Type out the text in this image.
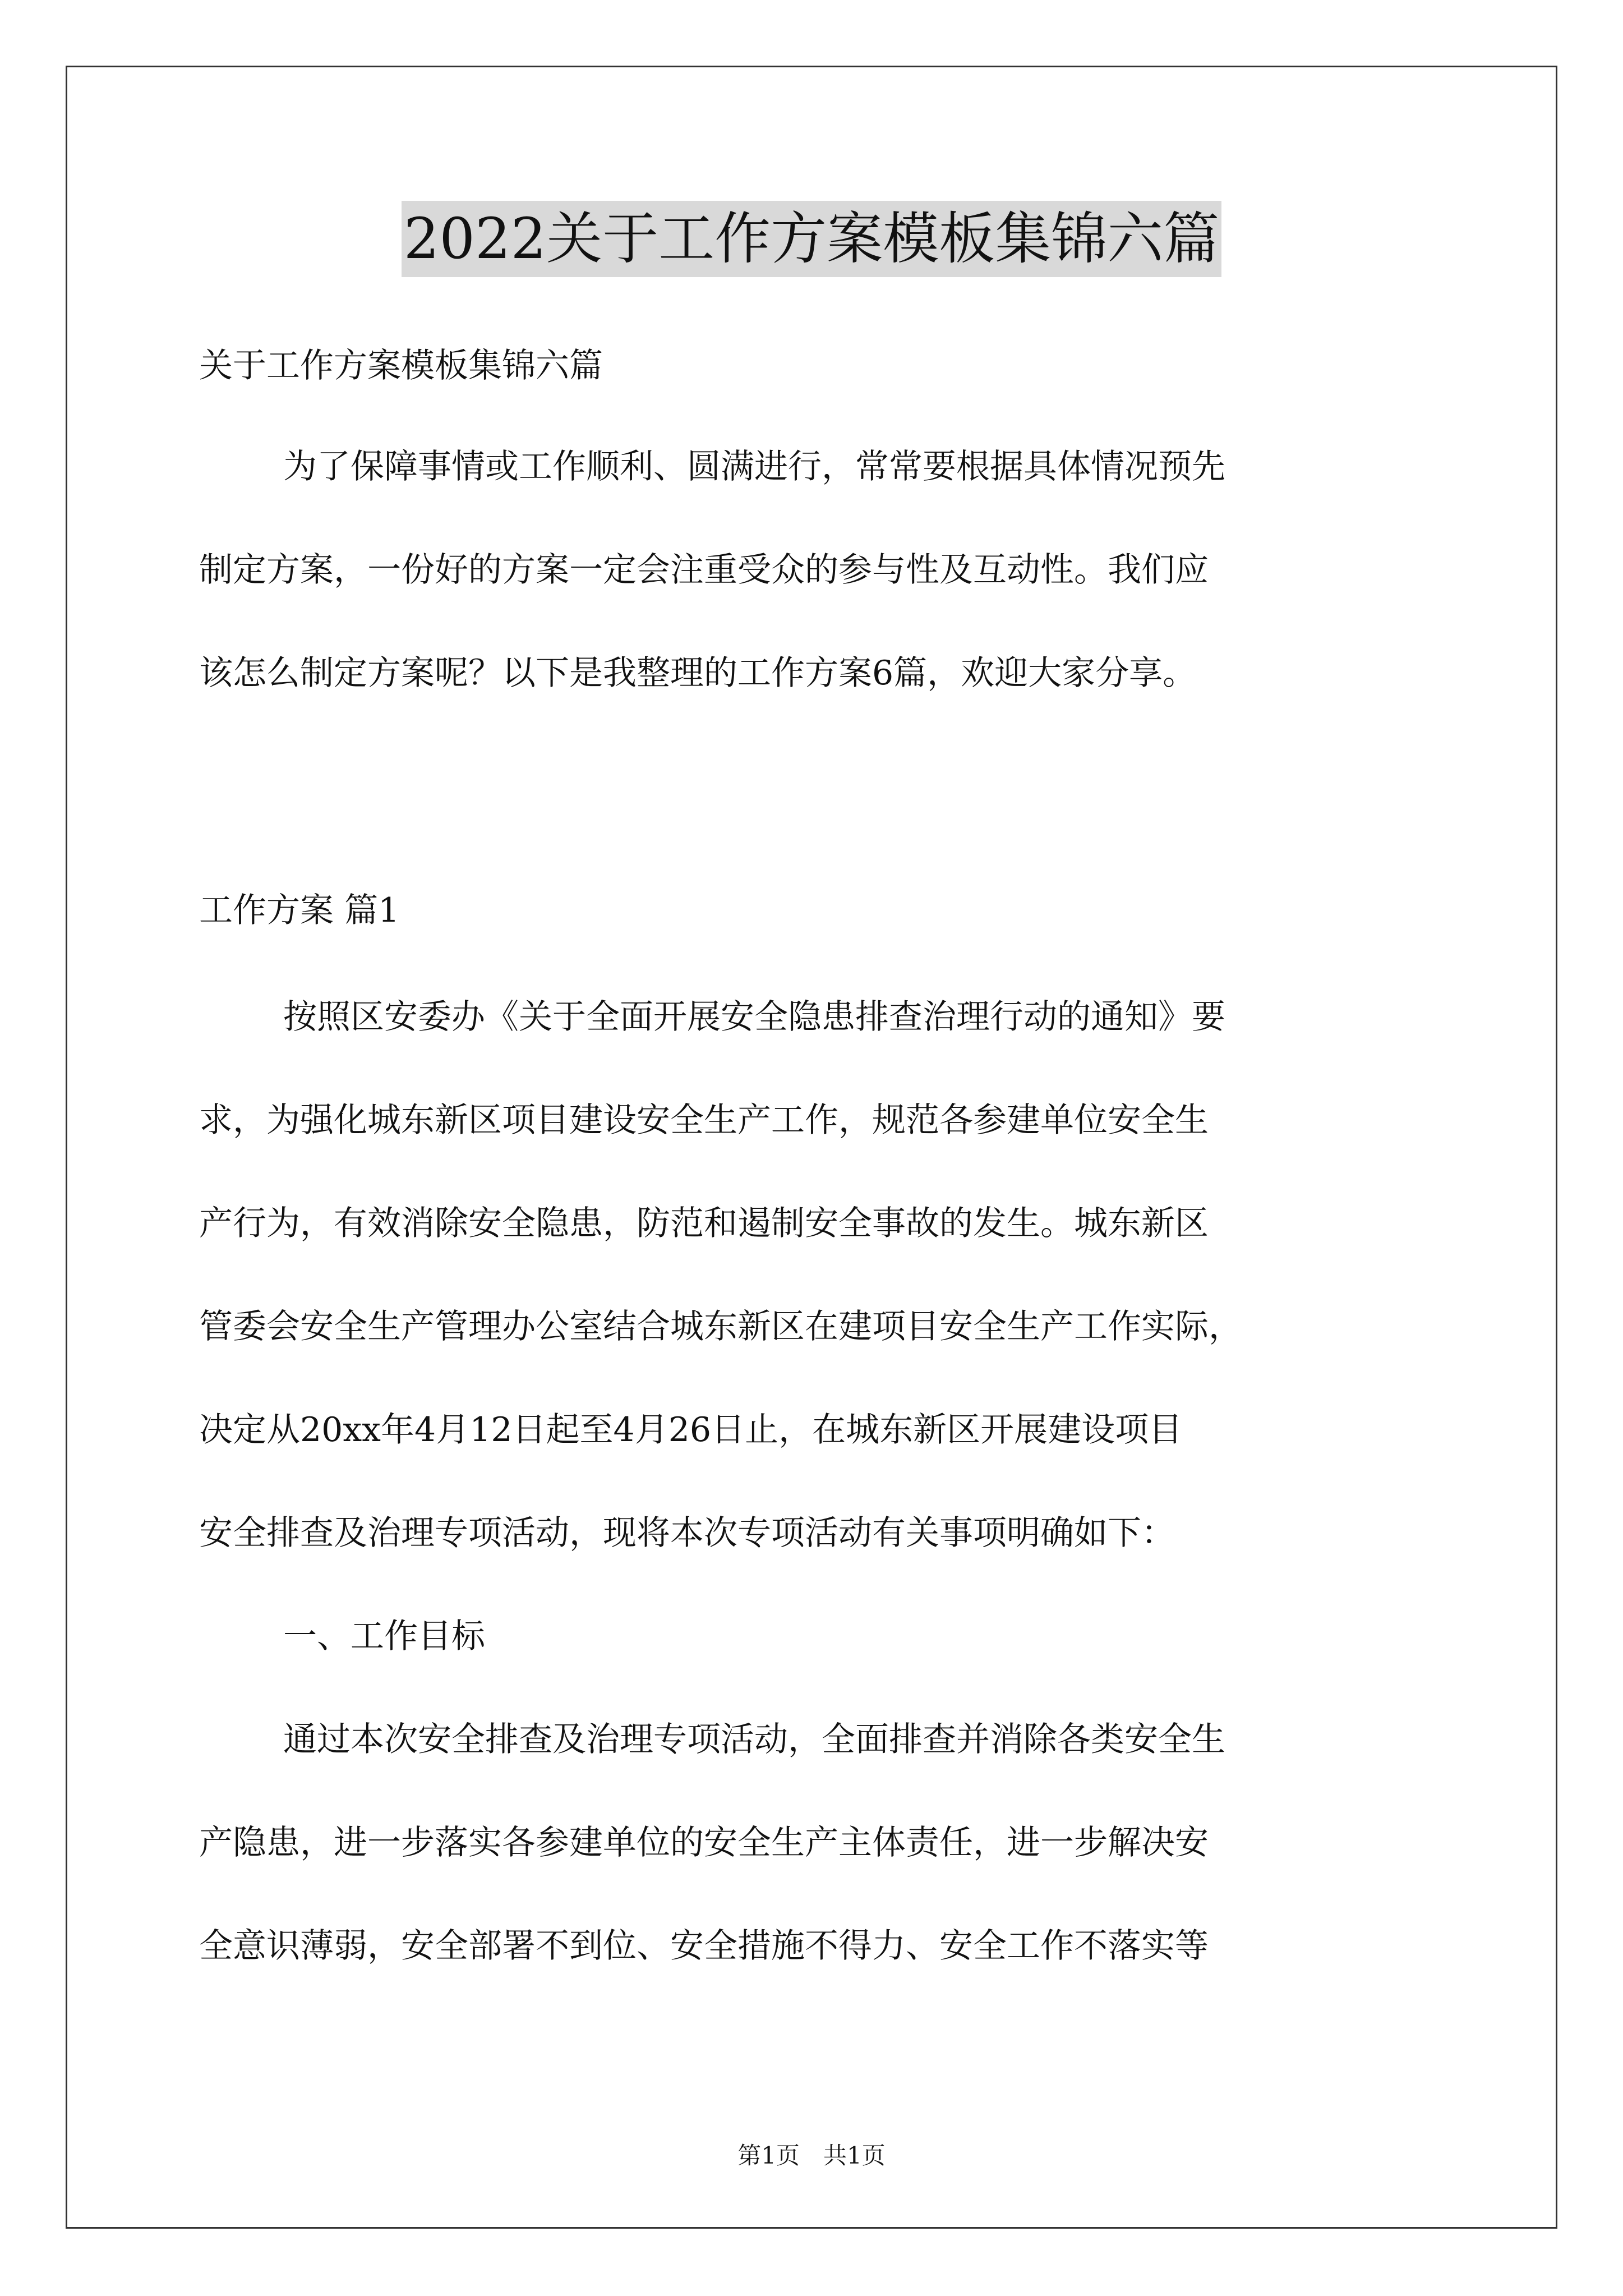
2022关于工作方案模板集锦六篇
关于工作方案模板集锦六篇
为了保障事情或工作顺利、圆满进行，常常要根据具体情况预先
制定方案，一份好的方案一定会注重受众的参与性及互动性。我们应
该怎么制定方案呢？以下是我整理的工作方案6篇，欢迎大家分享。
工作方案 篇1
按照区安委办《关于全面开展安全隐患排查治理行动的通知》要
求，为强化城东新区项目建设安全生产工作，规范各参建单位安全生
产行为，有效消除安全隐患，防范和遏制安全事故的发生。城东新区
管委会安全生产管理办公室结合城东新区在建项目安全生产工作实际，
决定从20xx年4月12日起至4月26日止，在城东新区开展建设项目
安全排查及治理专项活动，现将本次专项活动有关事项明确如下：
一、工作目标
通过本次安全排查及治理专项活动，全面排查并消除各类安全生
产隐患，进一步落实各参建单位的安全生产主体责任，进一步解决安
全意识薄弱，安全部署不到位、安全措施不得力、安全工作不落实等
第1页　共1页
